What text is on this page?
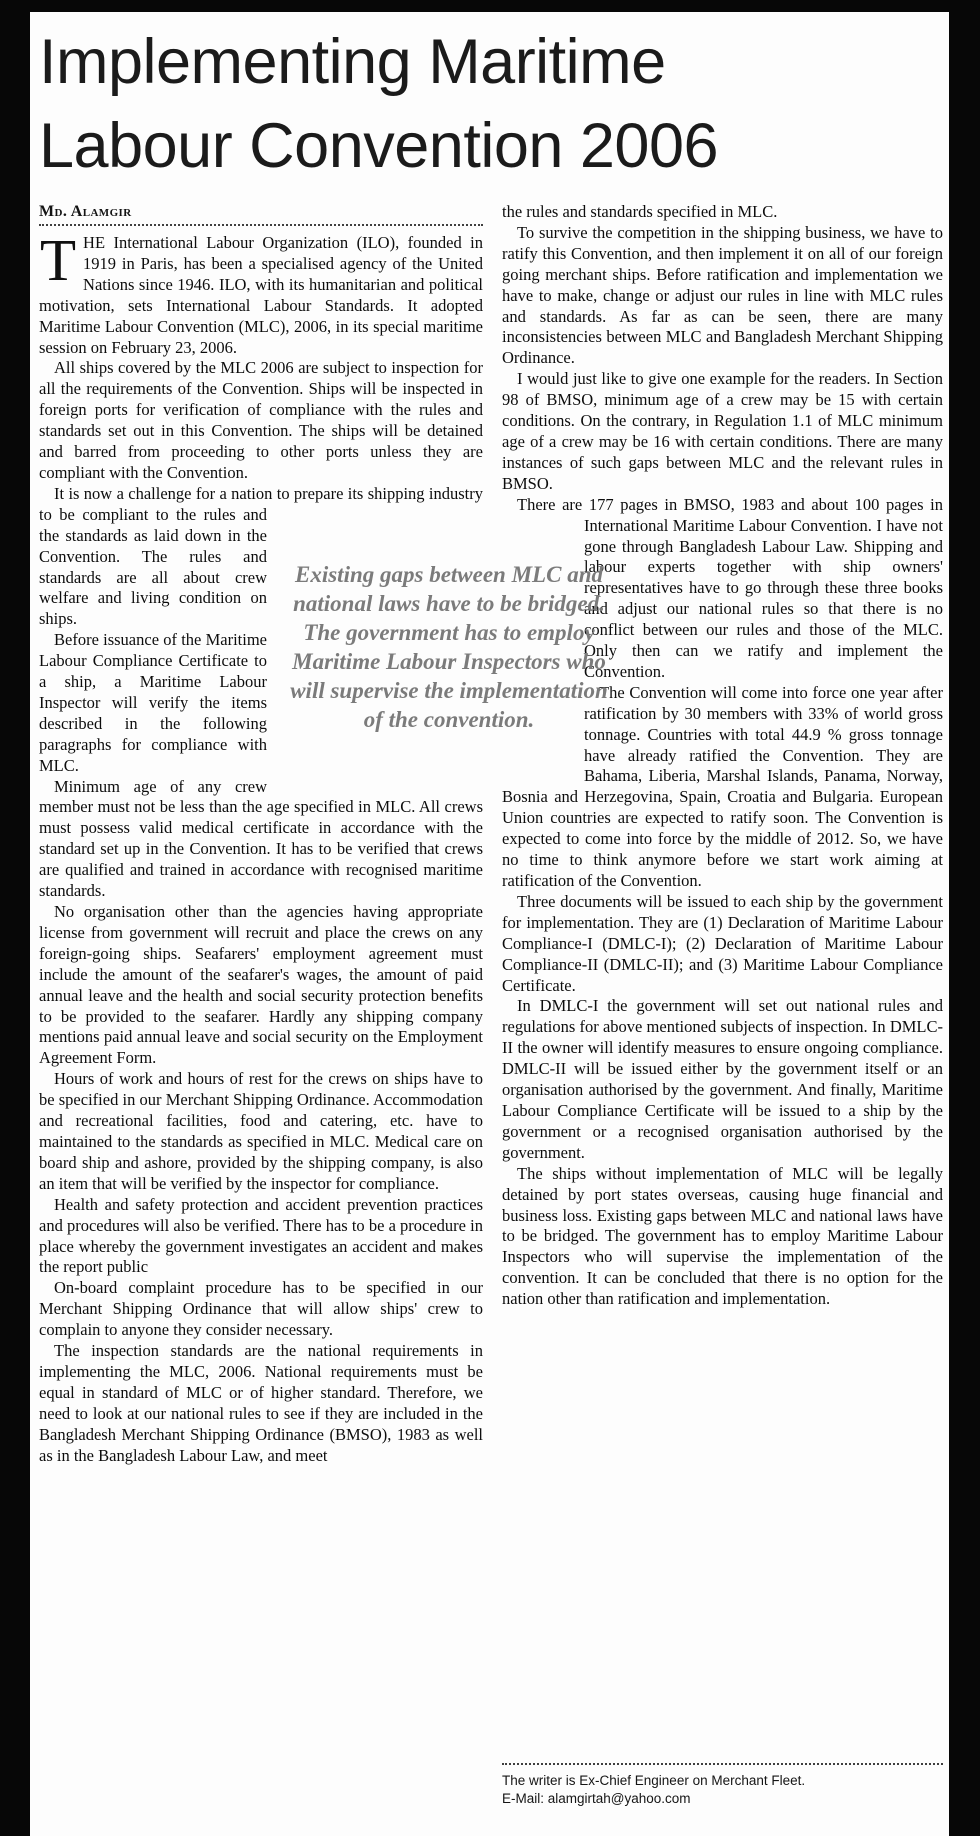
Implementing Maritime
Labour Convention 2006
Md. Alamgir

THE International Labour Organization (ILO), founded in 1919 in Paris, has been a specialised agency of the United Nations since 1946. ILO, with its humanitarian and political motivation, sets International Labour Standards. It adopted Maritime Labour Convention (MLC), 2006, in its special maritime session on February 23, 2006.

All ships covered by the MLC 2006 are subject to inspection for all the requirements of the Convention. Ships will be inspected in foreign ports for verification of compliance with the rules and standards set out in this Convention. The ships will be detained and barred from proceeding to other ports unless they are compliant with the Convention.

It is now a challenge for a nation to prepare its shipping industry to be compliant to the rules and the standards as laid down in the Convention. The rules and standards are all about crew welfare and living condition on ships.

Before issuance of the Maritime Labour Compliance Certificate to a ship, a Maritime Labour Inspector will verify the items described in the following paragraphs for compliance with MLC.

Minimum age of any crew member must not be less than the age specified in MLC. All crews must possess valid medical certificate in accordance with the standard set up in the Convention. It has to be verified that crews are qualified and trained in accordance with recognised maritime standards.

No organisation other than the agencies having appropriate license from government will recruit and place the crews on any foreign-going ships. Seafarers' employment agreement must include the amount of the seafarer's wages, the amount of paid annual leave and the health and social security protection benefits to be provided to the seafarer. Hardly any shipping company mentions paid annual leave and social security on the Employment Agreement Form.

Hours of work and hours of rest for the crews on ships have to be specified in our Merchant Shipping Ordinance. Accommodation and recreational facilities, food and catering, etc. have to maintained to the standards as specified in MLC. Medical care on board ship and ashore, provided by the shipping company, is also an item that will be verified by the inspector for compliance.

Health and safety protection and accident prevention practices and procedures will also be verified. There has to be a procedure in place whereby the government investigates an accident and makes the report public

On-board complaint procedure has to be specified in our Merchant Shipping Ordinance that will allow ships' crew to complain to anyone they consider necessary.

The inspection standards are the national requirements in implementing the MLC, 2006. National requirements must be equal in standard of MLC or of higher standard. Therefore, we need to look at our national rules to see if they are included in the Bangladesh Merchant Shipping Ordinance (BMSO), 1983 as well as in the Bangladesh Labour Law, and meet

the rules and standards specified in MLC.

To survive the competition in the shipping business, we have to ratify this Convention, and then implement it on all of our foreign going merchant ships. Before ratification and implementation we have to make, change or adjust our rules in line with MLC rules and standards. As far as can be seen, there are many inconsistencies between MLC and Bangladesh Merchant Shipping Ordinance.

I would just like to give one example for the readers. In Section 98 of BMSO, minimum age of a crew may be 15 with certain conditions. On the contrary, in Regulation 1.1 of MLC minimum age of a crew may be 16 with certain conditions. There are many instances of such gaps between MLC and the relevant rules in BMSO.

There are 177 pages in BMSO, 1983 and about 100 pages in International Maritime Labour Convention. I have not gone through Bangladesh Labour Law. Shipping and labour experts together with ship owners' representatives have to go through these three books and adjust our national rules so that there is no conflict between our rules and those of the MLC. Only then can we ratify and implement the Convention.

The Convention will come into force one year after ratification by 30 members with 33% of world gross tonnage. Countries with total 44.9 % gross tonnage have already ratified the Convention. They are Bahama, Liberia, Marshal Islands, Panama, Norway, Bosnia and Herzegovina, Spain, Croatia and Bulgaria. European Union countries are expected to ratify soon. The Convention is expected to come into force by the middle of 2012. So, we have no time to think anymore before we start work aiming at ratification of the Convention.

Three documents will be issued to each ship by the government for implementation. They are (1) Declaration of Maritime Labour Compliance-I (DMLC-I); (2) Declaration of Maritime Labour Compliance-II (DMLC-II); and (3) Maritime Labour Compliance Certificate.

In DMLC-I the government will set out national rules and regulations for above mentioned subjects of inspection. In DMLC-II the owner will identify measures to ensure ongoing compliance. DMLC-II will be issued either by the government itself or an organisation authorised by the government. And finally, Maritime Labour Compliance Certificate will be issued to a ship by the government or a recognised organisation authorised by the government.

The ships without implementation of MLC will be legally detained by port states overseas, causing huge financial and business loss. Existing gaps between MLC and national laws have to be bridged. The government has to employ Maritime Labour Inspectors who will supervise the implementation of the convention. It can be concluded that there is no option for the nation other than ratification and implementation.

The writer is Ex-Chief Engineer on Merchant Fleet.
E-Mail: alamgirtah@yahoo.com
Existing gaps between MLC and national laws have to be bridged. The government has to employ Maritime Labour Inspectors who will supervise the implementation of the convention.
